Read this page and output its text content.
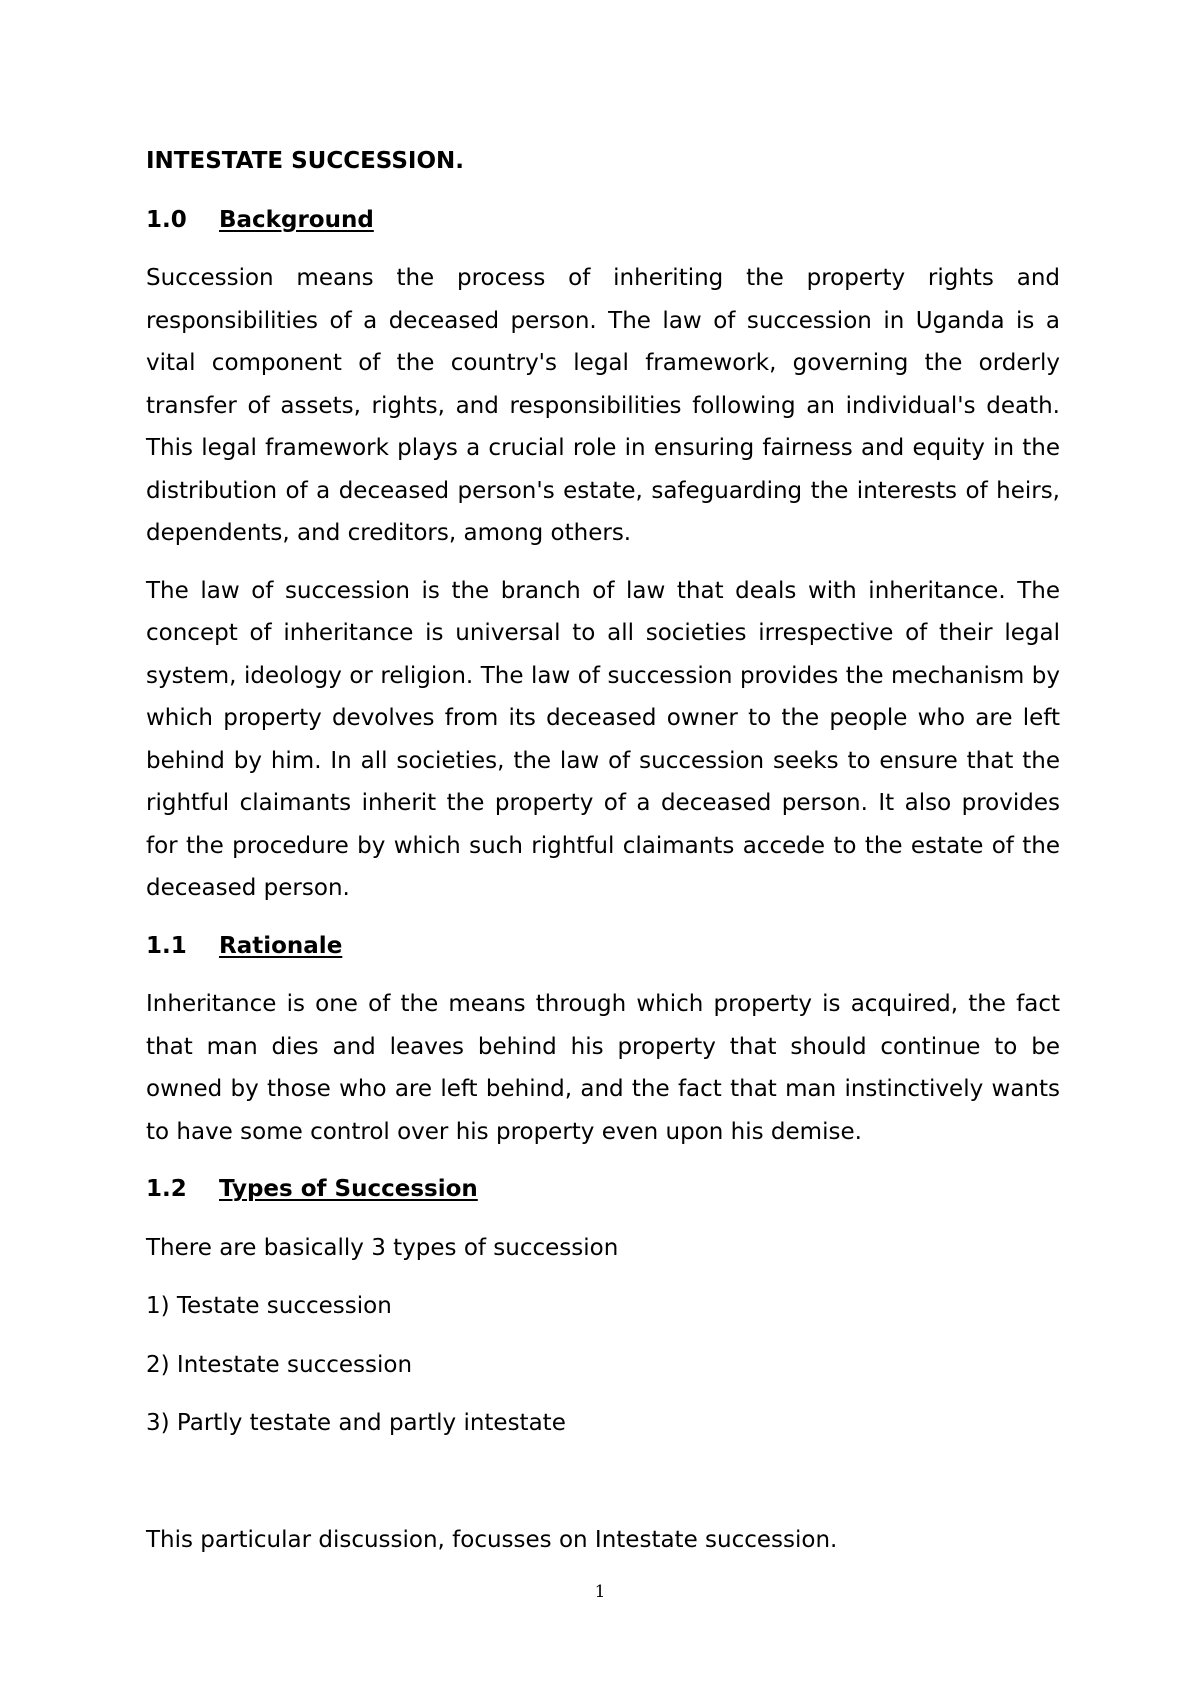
INTESTATE SUCCESSION.
1.0	Background

Succession means the process of inheriting the property rights and responsibilities of a deceased person. The law of succession in Uganda is a vital component of the country's legal framework, governing the orderly transfer of assets, rights, and responsibilities following an individual's death. This legal framework plays a crucial role in ensuring fairness and equity in the distribution of a deceased person's estate, safeguarding the interests of heirs, dependents, and creditors, among others.

The law of succession is the branch of law that deals with inheritance. The concept of inheritance is universal to all societies irrespective of their legal system, ideology or religion. The law of succession provides the mechanism by which property devolves from its deceased owner to the people who are left behind by him. In all societies, the law of succession seeks to ensure that the rightful claimants inherit the property of a deceased person. It also provides for the procedure by which such rightful claimants accede to the estate of the deceased person.

1.1	Rationale

Inheritance is one of the means through which property is acquired, the fact that man dies and leaves behind his property that should continue to be owned by those who are left behind, and the fact that man instinctively wants to have some control over his property even upon his demise.

1.2	Types of Succession

There are basically 3 types of succession

1) Testate succession
2) Intestate succession
3) Partly testate and partly intestate

This particular discussion, focusses on Intestate succession.

1
